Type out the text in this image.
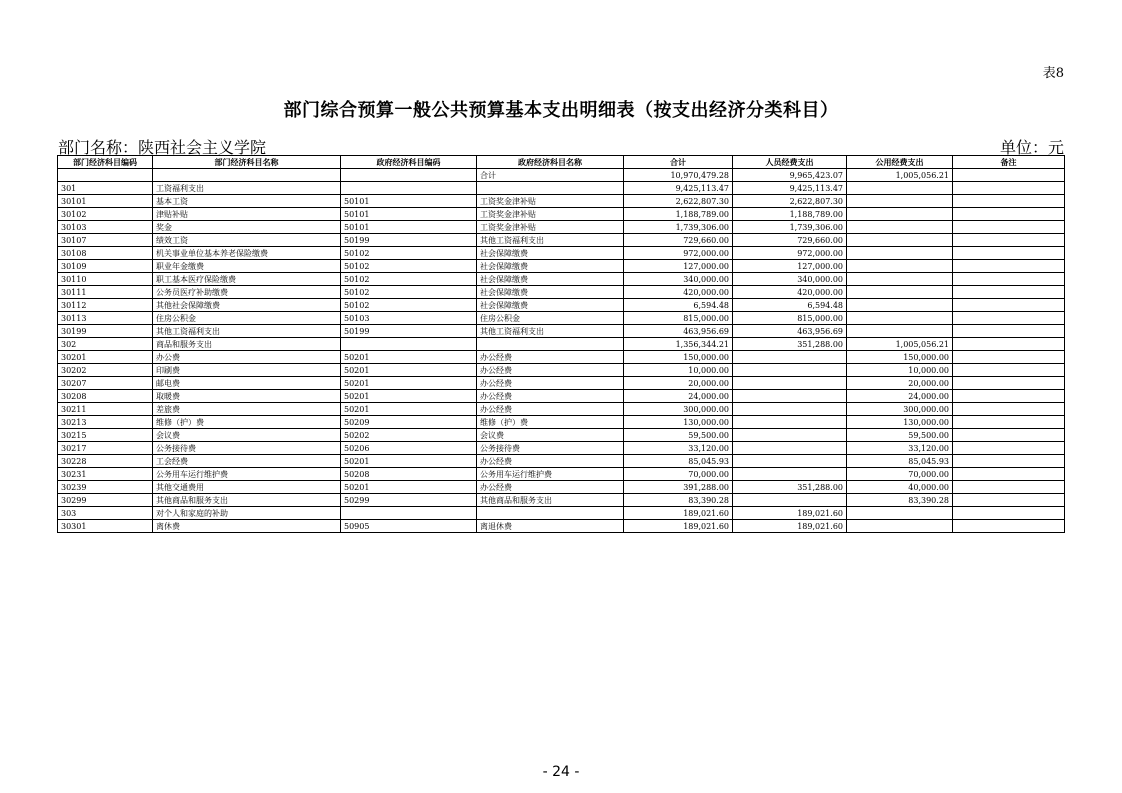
表8
部门综合预算一般公共预算基本支出明细表（按支出经济分类科目）
部门名称：陕西社会主义学院	单位：元
部门经济科目编码	部门经济科目名称	政府经济科目编码	政府经济科目名称	合计	人员经费支出	公用经费支出	备注
			合计	10,970,479.28	9,965,423.07	1,005,056.21	
301	工资福利支出			9,425,113.47	9,425,113.47		
30101	基本工资	50101	工资奖金津补贴	2,622,807.30	2,622,807.30		
30102	津贴补贴	50101	工资奖金津补贴	1,188,789.00	1,188,789.00		
30103	奖金	50101	工资奖金津补贴	1,739,306.00	1,739,306.00		
30107	绩效工资	50199	其他工资福利支出	729,660.00	729,660.00		
30108	机关事业单位基本养老保险缴费	50102	社会保障缴费	972,000.00	972,000.00		
30109	职业年金缴费	50102	社会保障缴费	127,000.00	127,000.00		
30110	职工基本医疗保险缴费	50102	社会保障缴费	340,000.00	340,000.00		
30111	公务员医疗补助缴费	50102	社会保障缴费	420,000.00	420,000.00		
30112	其他社会保障缴费	50102	社会保障缴费	6,594.48	6,594.48		
30113	住房公积金	50103	住房公积金	815,000.00	815,000.00		
30199	其他工资福利支出	50199	其他工资福利支出	463,956.69	463,956.69		
302	商品和服务支出			1,356,344.21	351,288.00	1,005,056.21	
30201	办公费	50201	办公经费	150,000.00		150,000.00	
30202	印刷费	50201	办公经费	10,000.00		10,000.00	
30207	邮电费	50201	办公经费	20,000.00		20,000.00	
30208	取暖费	50201	办公经费	24,000.00		24,000.00	
30211	差旅费	50201	办公经费	300,000.00		300,000.00	
30213	维修（护）费	50209	维修（护）费	130,000.00		130,000.00	
30215	会议费	50202	会议费	59,500.00		59,500.00	
30217	公务接待费	50206	公务接待费	33,120.00		33,120.00	
30228	工会经费	50201	办公经费	85,045.93		85,045.93	
30231	公务用车运行维护费	50208	公务用车运行维护费	70,000.00		70,000.00	
30239	其他交通费用	50201	办公经费	391,288.00	351,288.00	40,000.00	
30299	其他商品和服务支出	50299	其他商品和服务支出	83,390.28		83,390.28	
303	对个人和家庭的补助			189,021.60	189,021.60		
30301	离休费	50905	离退休费	189,021.60	189,021.60		
- 24 -
